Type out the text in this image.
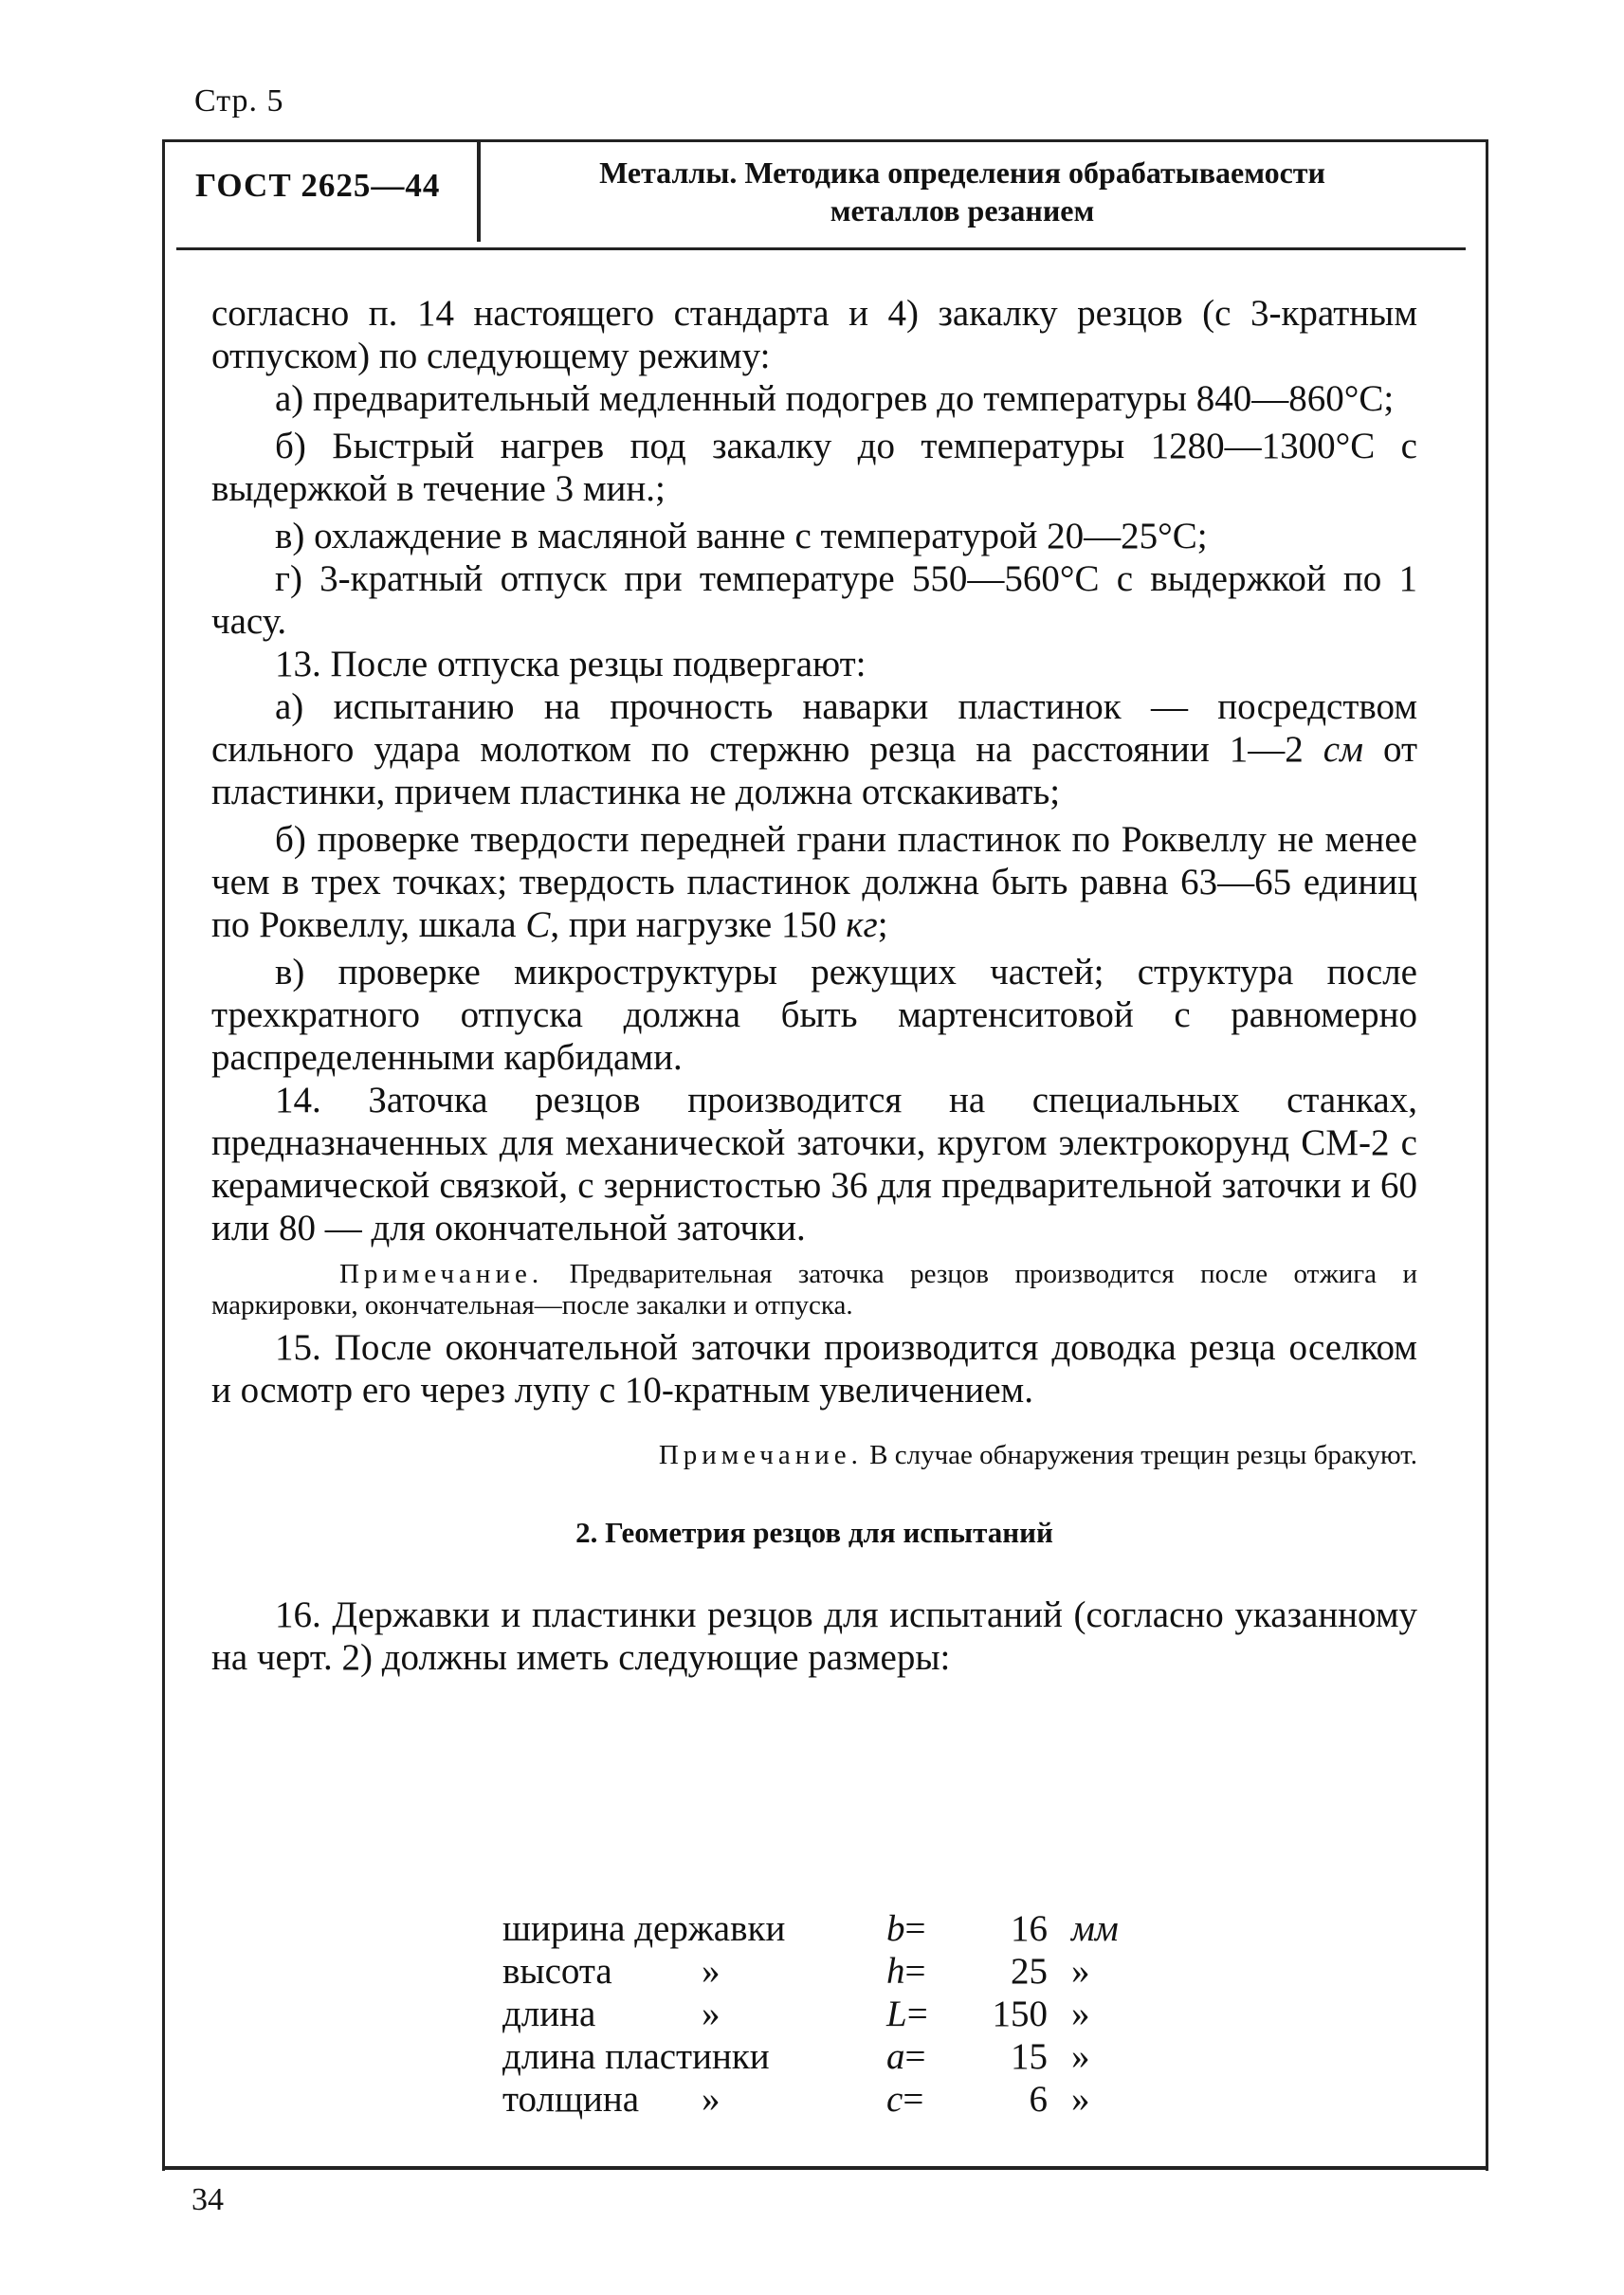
Стр. 5
ГОСТ 2625—44	Металлы. Методика определения обрабатываемости
металлов резанием

согласно п. 14 настоящего стандарта и 4) закалку резцов (с 3-кратным отпуском) по следующему режиму:

а) предварительный медленный подогрев до температуры 840—860°С;

б) Быстрый нагрев под закалку до температуры 1280—1300°С с выдержкой в течение 3 мин.;

в) охлаждение в масляной ванне с температурой 20—25°С;

г) 3-кратный отпуск при температуре 550—560°С с выдержкой по 1 часу.

13. После отпуска резцы подвергают:

а) испытанию на прочность наварки пластинок — посредством сильного удара молотком по стержню резца на расстоянии 1—2 см от пластинки, причем пластинка не должна отскакивать;

б) проверке твердости передней грани пластинок по Роквеллу не менее чем в трех точках; твердость пластинок должна быть равна 63—65 единиц по Роквеллу, шкала С, при нагрузке 150 кг;

в) проверке микроструктуры режущих частей; структура после трехкратного отпуска должна быть мартенситовой с равномерно распределенными карбидами.

14. Заточка резцов производится на специальных станках, предназначенных для механической заточки, кругом электрокорунд СМ-2 с керамической связкой, с зернистостью 36 для предварительной заточки и 60 или 80 — для окончательной заточки.

Примечание. Предварительная заточка резцов производится после отжига и маркировки, окончательная—после закалки и отпуска.

15. После окончательной заточки производится доводка резца оселком и осмотр его через лупу с 10-кратным увеличением.

Примечание. В случае обнаружения трещин резцы бракуют.

2. Геометрия резцов для испытаний

16. Державки и пластинки резцов для испытаний (согласно указанному на черт. 2) должны иметь следующие размеры:

ширина державки	b =	16 мм
высота »	h =	25 »
длина	»	L =	150 »
длина пластинки	a =	15 »
толщина »	c =	6 »
34
